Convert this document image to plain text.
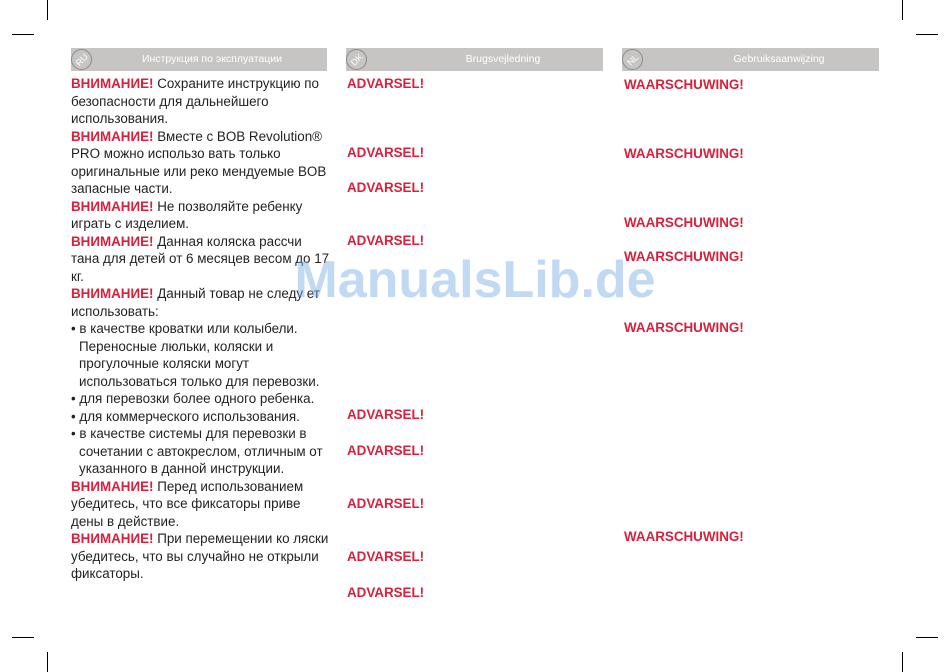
RU	Инструкция по эксплуатации	DK	Brugsvejledning	NL	Gebruiksaanwijzing

ВНИМАНИЕ! Сохраните инструкцию по безопасности для дальнейшего использования.

ВНИМАНИЕ! Вместе с BOB Revolution® PRO можно использо вать только оригинальные или реко мендуемые BOB запасные части.

ВНИМАНИЕ! Не позволяйте ребенку играть с изделием.

ВНИМАНИЕ! Данная коляска рассчи тана для детей от 6 месяцев весом до 17 кг.

ВНИМАНИЕ! Данный товар не следу ет использовать:

• в качестве кроватки или колыбели. Переносные люльки, коляски и прогулочные коляски могут использоваться только для перевозки.

• для перевозки более одного ребенка.

• для коммерческого использования.

• в качестве системы для перевозки в сочетании с автокреслом, отличным от указанного в данной инструкции.

ВНИМАНИЕ! Перед использованием убедитесь, что все фиксаторы приве дены в действие.

ВНИМАНИЕ! При перемещении ко ляски убедитесь, что вы случайно не открыли фиксаторы.

ADVARSEL!
ADVARSEL!
ADVARSEL!
ADVARSEL!
ADVARSEL!
ADVARSEL!
ADVARSEL!
ADVARSEL!
ADVARSEL!
WAARSCHUWING!
WAARSCHUWING!
WAARSCHUWING!
WAARSCHUWING!
WAARSCHUWING!
WAARSCHUWING!
ManualsLib.de
